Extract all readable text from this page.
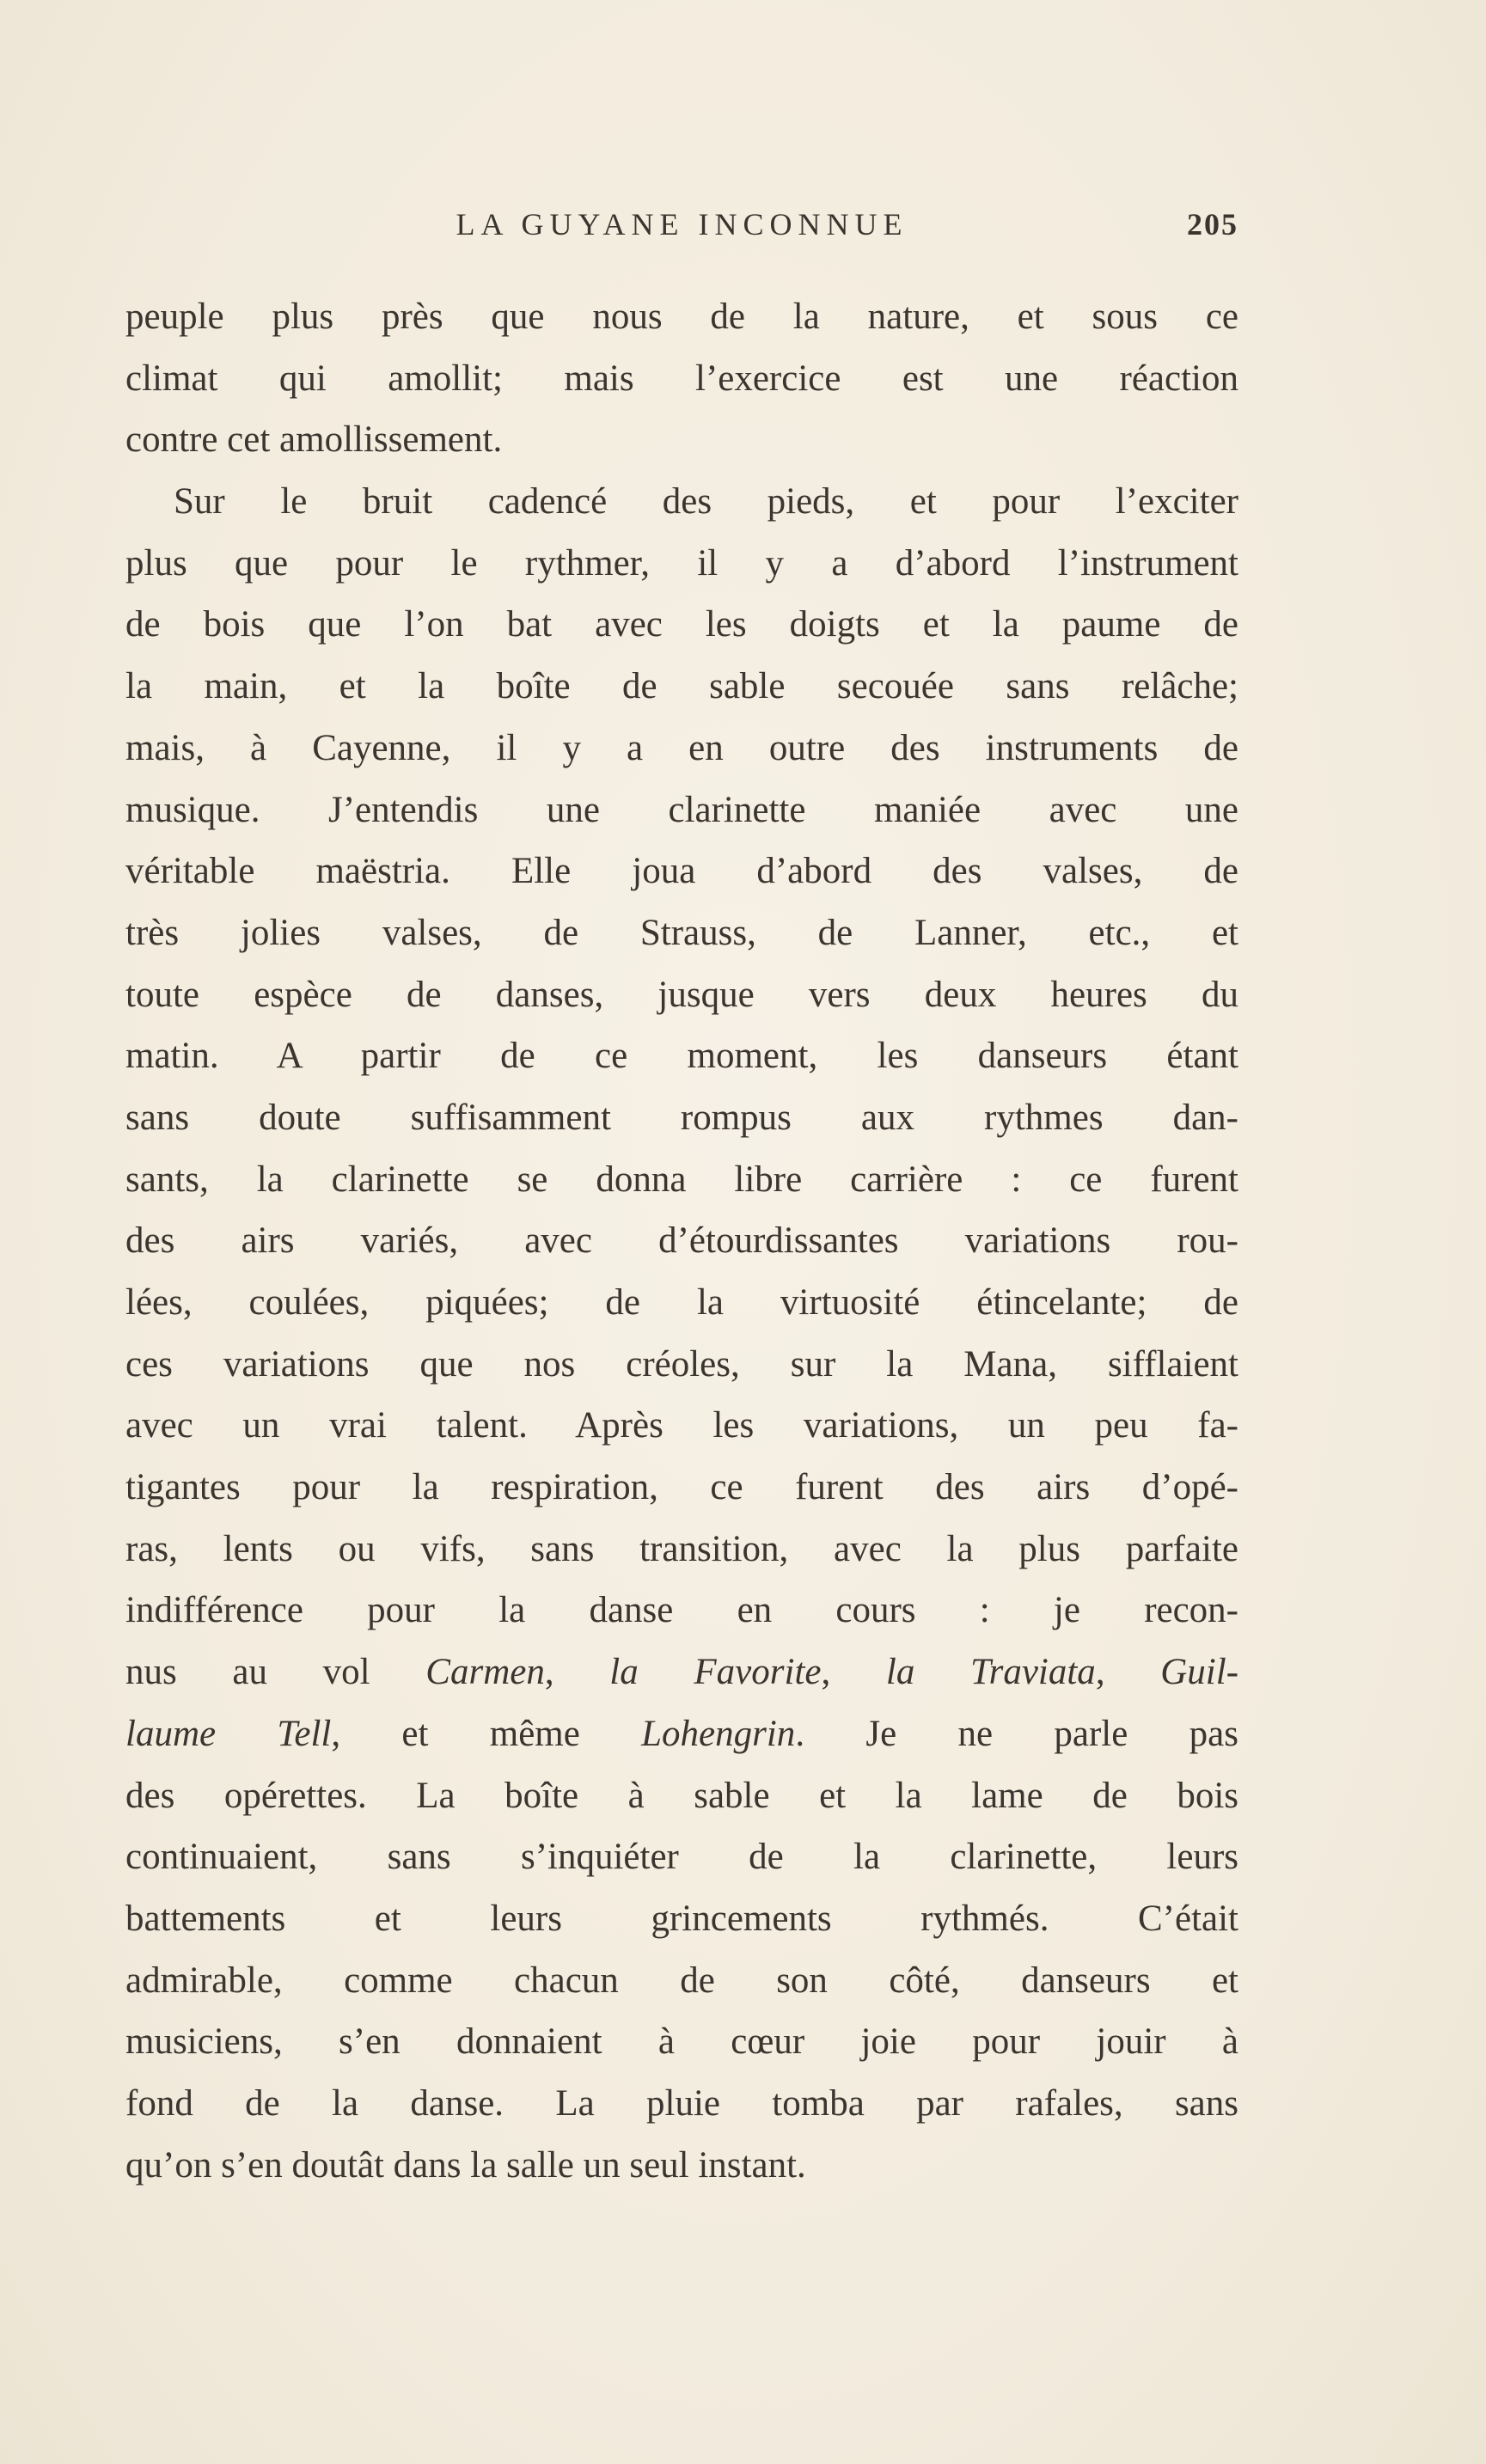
LA GUYANE INCONNUE	205
peuple plus près que nous de la nature, et sous ce
climat qui amollit; mais l’exercice est une réaction
contre cet amollissement.
Sur le bruit cadencé des pieds, et pour l’exciter
plus que pour le rythmer, il y a d’abord l’instrument
de bois que l’on bat avec les doigts et la paume de
la main, et la boîte de sable secouée sans relâche;
mais, à Cayenne, il y a en outre des instruments de
musique. J’entendis une clarinette maniée avec une
véritable maëstria. Elle joua d’abord des valses, de
très jolies valses, de Strauss, de Lanner, etc., et
toute espèce de danses, jusque vers deux heures du
matin. A partir de ce moment, les danseurs étant
sans doute suffisamment rompus aux rythmes dan-
sants, la clarinette se donna libre carrière : ce furent
des airs variés, avec d’étourdissantes variations rou-
lées, coulées, piquées; de la virtuosité étincelante; de
ces variations que nos créoles, sur la Mana, sifflaient
avec un vrai talent. Après les variations, un peu fa-
tigantes pour la respiration, ce furent des airs d’opé-
ras, lents ou vifs, sans transition, avec la plus parfaite
indifférence pour la danse en cours : je recon-
nus au vol Carmen, la Favorite, la Traviata, Guil-
laume Tell, et même Lohengrin. Je ne parle pas
des opérettes. La boîte à sable et la lame de bois
continuaient, sans s’inquiéter de la clarinette, leurs
battements et leurs grincements rythmés. C’était
admirable, comme chacun de son côté, danseurs et
musiciens, s’en donnaient à cœur joie pour jouir à
fond de la danse. La pluie tomba par rafales, sans
qu’on s’en doutât dans la salle un seul instant.
